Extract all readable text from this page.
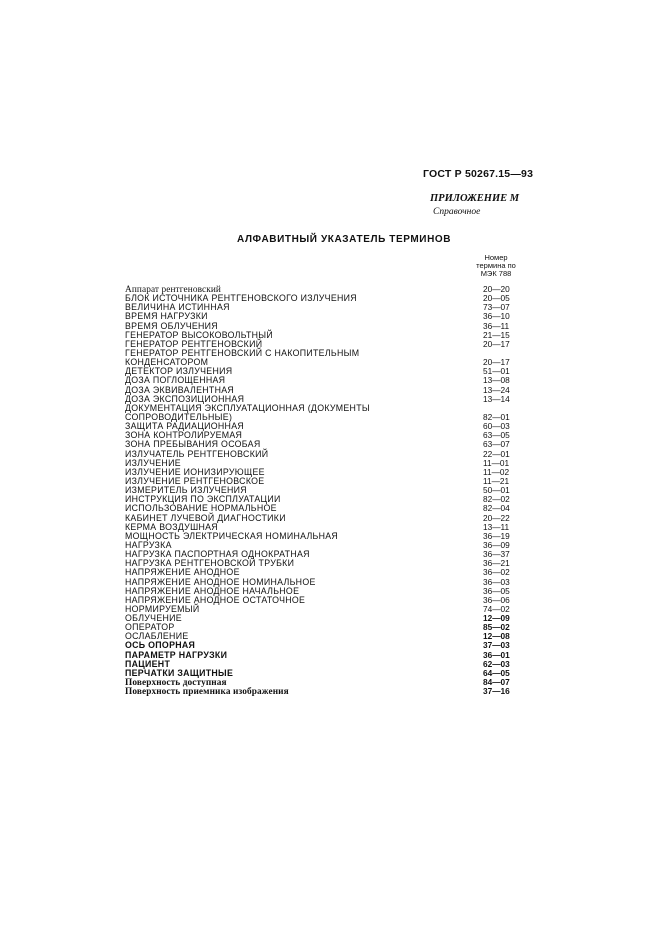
ГОСТ Р 50267.15—93
ПРИЛОЖЕНИЕ М
Справочное
АЛФАВИТНЫЙ УКАЗАТЕЛЬ ТЕРМИНОВ
Номер
термина по
МЭК 788
Аппарат рентгеновский	20—20
БЛОК ИСТОЧНИКА РЕНТГЕНОВСКОГО ИЗЛУЧЕНИЯ	20—05
ВЕЛИЧИНА ИСТИННАЯ	73—07
ВРЕМЯ НАГРУЗКИ	36—10
ВРЕМЯ ОБЛУЧЕНИЯ	36—11
ГЕНЕРАТОР ВЫСОКОВОЛЬТНЫЙ	21—15
ГЕНЕРАТОР РЕНТГЕНОВСКИЙ	20—17
ГЕНЕРАТОР РЕНТГЕНОВСКИЙ С НАКОПИТЕЛЬНЫМ
КОНДЕНСАТОРОМ	20—17
ДЕТЕКТОР ИЗЛУЧЕНИЯ	51—01
ДОЗА ПОГЛОЩЕННАЯ	13—08
ДОЗА ЭКВИВАЛЕНТНАЯ	13—24
ДОЗА ЭКСПОЗИЦИОННАЯ	13—14
ДОКУМЕНТАЦИЯ ЭКСПЛУАТАЦИОННАЯ (ДОКУМЕНТЫ
СОПРОВОДИТЕЛЬНЫЕ)	82—01
ЗАЩИТА РАДИАЦИОННАЯ	60—03
ЗОНА КОНТРОЛИРУЕМАЯ	63—05
ЗОНА ПРЕБЫВАНИЯ ОСОБАЯ	63—07
ИЗЛУЧАТЕЛЬ РЕНТГЕНОВСКИЙ	22—01
ИЗЛУЧЕНИЕ	11—01
ИЗЛУЧЕНИЕ ИОНИЗИРУЮЩЕЕ	11—02
ИЗЛУЧЕНИЕ РЕНТГЕНОВСКОЕ	11—21
ИЗМЕРИТЕЛЬ ИЗЛУЧЕНИЯ	50—01
ИНСТРУКЦИЯ ПО ЭКСПЛУАТАЦИИ	82—02
ИСПОЛЬЗОВАНИЕ НОРМАЛЬНОЕ	82—04
КАБИНЕТ ЛУЧЕВОЙ ДИАГНОСТИКИ	20—22
КЕРМА ВОЗДУШНАЯ	13—11
МОЩНОСТЬ ЭЛЕКТРИЧЕСКАЯ НОМИНАЛЬНАЯ	36—19
НАГРУЗКА	36—09
НАГРУЗКА ПАСПОРТНАЯ ОДНОКРАТНАЯ	36—37
НАГРУЗКА РЕНТГЕНОВСКОЙ ТРУБКИ	36—21
НАПРЯЖЕНИЕ АНОДНОЕ	36—02
НАПРЯЖЕНИЕ АНОДНОЕ НОМИНАЛЬНОЕ	36—03
НАПРЯЖЕНИЕ АНОДНОЕ НАЧАЛЬНОЕ	36—05
НАПРЯЖЕНИЕ АНОДНОЕ ОСТАТОЧНОЕ	36—06
НОРМИРУЕМЫЙ	74—02
ОБЛУЧЕНИЕ	12—09
ОПЕРАТОР	85—02
ОСЛАБЛЕНИЕ	12—08
ОСЬ ОПОРНАЯ	37—03
ПАРАМЕТР НАГРУЗКИ	36—01
ПАЦИЕНТ	62—03
ПЕРЧАТКИ ЗАЩИТНЫЕ	64—05
Поверхность доступная	84—07
Поверхность приемника изображения	37—16
